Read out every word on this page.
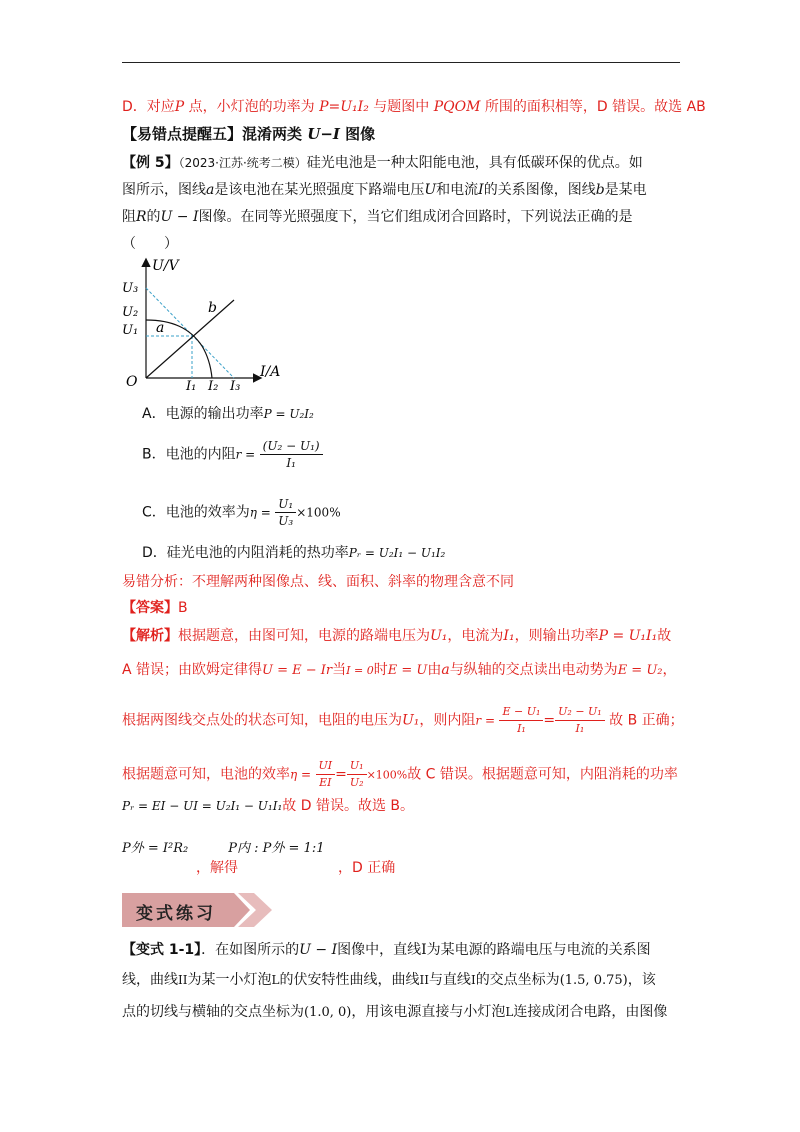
D．对应P 点，小灯泡的功率为 P=U₁I₂ 与题图中 PQOM 所围的面积相等，D 错误。故选 AB
【易错点提醒五】混淆两类 U−I 图像
【例 5】（2023·江苏·统考二模）硅光电池是一种太阳能电池，具有低碳环保的优点。如
图所示，图线a是该电池在某光照强度下路端电压U和电流I的关系图像，图线b是某电
阻R的U − I图像。在同等光照强度下，当它们组成闭合回路时，下列说法正确的是
（　　）
U/V
I/A
O
U₃
U₂
U₁
I₁ I₂ I₃
a
b
A．电源的输出功率P = U₂I₂
B．电池的内阻$r = \frac{\text{(U₂ − U₁)}}{\text{I₁}}$
C．电池的效率为$\eta = \frac{\text{U₁}}{\text{U₃}} \times 100\%$
D．硅光电池的内阻消耗的热功率Pᵣ = U₂I₁ − U₁I₂
易错分析：不理解两种图像点、线、面积、斜率的物理含意不同
【答案】B
【解析】根据题意，由图可知，电源的路端电压为U₁，电流为I₁，则输出功率P = U₁I₁故
A 错误；由欧姆定律得U = E − Ir当I = 0时E = U由a与纵轴的交点读出电动势为E = U₂，
根据两图线交点处的状态可知，电阻的电压为U₁，则内阻$r = \frac{\text{E − U₁}}{\text{I₁}} = \frac{\text{U₂ − U₁}}{\text{I₁}}$ 故 B 正确；
根据题意可知，电池的效率$\eta = \frac{UI}{EI} = \frac{\text{U₁}}{\text{U₂}} \times 100\%$故 C 错误。根据题意可知，内阻消耗的功率
Pᵣ = EI − UI = U₂I₁ − U₁I₁故 D 错误。故选 B。
P外 = I²R₂	P内 : P外 = 1:1
，解得	，D 正确
变式练习
【变式 1-1】．在如图所示的U − I图像中，直线I为某电源的路端电压与电流的关系图
线，曲线II为某一小灯泡L的伏安特性曲线，曲线II与直线I的交点坐标为(1.5, 0.75)，该
点的切线与横轴的交点坐标为(1.0, 0)，用该电源直接与小灯泡L连接成闭合电路，由图像
